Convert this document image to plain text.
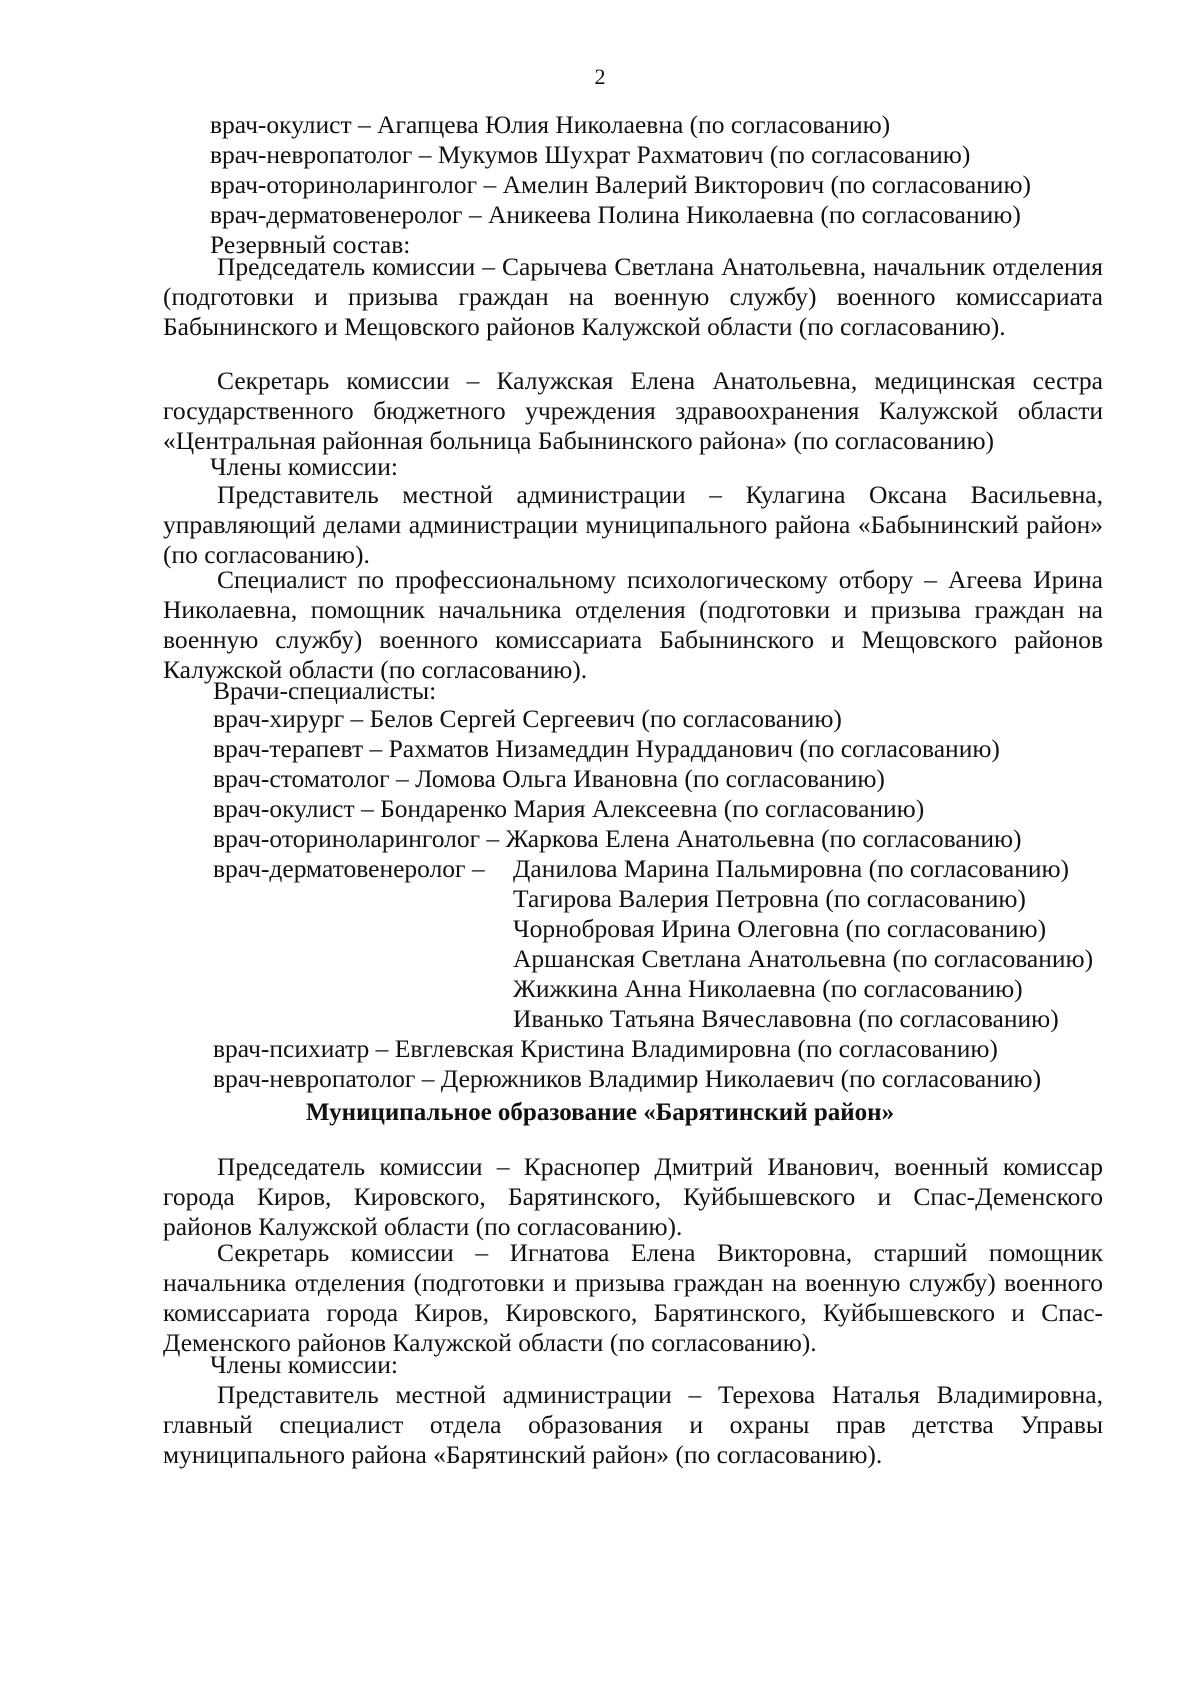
2
врач-окулист – Агапцева Юлия Николаевна (по согласованию)
врач-невропатолог – Мукумов Шухрат Рахматович (по согласованию)
врач-оториноларинголог – Амелин Валерий Викторович (по согласованию)
врач-дерматовенеролог – Аникеева Полина Николаевна (по согласованию)
Резервный состав:
Председатель комиссии – Сарычева Светлана Анатольевна, начальник отделения (подготовки и призыва граждан на военную службу) военного комиссариата Бабынинского и Мещовского районов Калужской области (по согласованию).
Секретарь комиссии – Калужская Елена Анатольевна, медицинская сестра государственного бюджетного учреждения здравоохранения Калужской области «Центральная районная больница Бабынинского района» (по согласованию)
Члены комиссии:
Представитель местной администрации – Кулагина Оксана Васильевна, управляющий делами администрации муниципального района «Бабынинский район» (по согласованию).
Специалист по профессиональному психологическому отбору – Агеева Ирина Николаевна, помощник начальника отделения (подготовки и призыва граждан на военную службу) военного комиссариата Бабынинского и Мещовского районов Калужской области (по согласованию).
Врачи-специалисты:
врач-хирург – Белов Сергей Сергеевич (по согласованию)
врач-терапевт – Рахматов Низамеддин Нурадданович (по согласованию)
врач-стоматолог – Ломова Ольга Ивановна (по согласованию)
врач-окулист – Бондаренко Мария Алексеевна (по согласованию)
врач-оториноларинголог – Жаркова Елена Анатольевна (по согласованию)
врач-дерматовенеролог –	Данилова Марина Пальмировна (по согласованию)
Тагирова Валерия Петровна (по согласованию)
Чорнобровая Ирина Олеговна (по согласованию)
Аршанская Светлана Анатольевна (по согласованию)
Жижкина Анна Николаевна (по согласованию)
Иванько Татьяна Вячеславовна (по согласованию)
врач-психиатр – Евглевская Кристина Владимировна (по согласованию)
врач-невропатолог – Дерюжников Владимир Николаевич (по согласованию)
Муниципальное образование «Барятинский район»
Председатель комиссии – Краснопер Дмитрий Иванович, военный комиссар города Киров, Кировского, Барятинского, Куйбышевского и Спас-Деменского районов Калужской области (по согласованию).
Секретарь комиссии – Игнатова Елена Викторовна, старший помощник начальника отделения (подготовки и призыва граждан на военную службу) военного комиссариата города Киров, Кировского, Барятинского, Куйбышевского и Спас-Деменского районов Калужской области (по согласованию).
Члены комиссии:
Представитель местной администрации – Терехова Наталья Владимировна, главный специалист отдела образования и охраны прав детства Управы муниципального района «Барятинский район» (по согласованию).
